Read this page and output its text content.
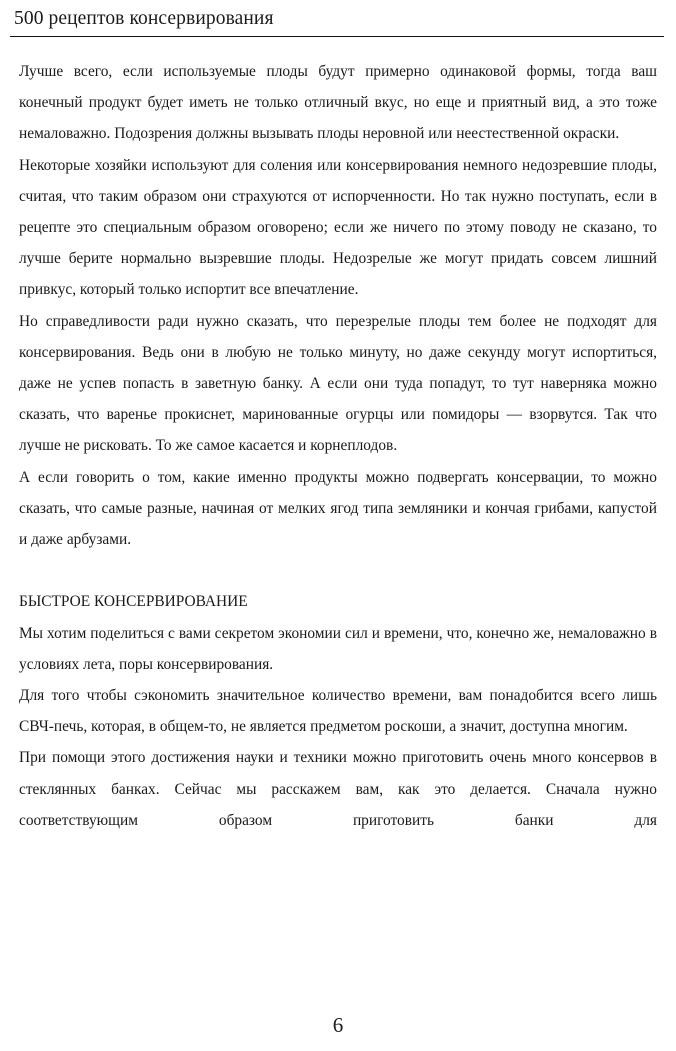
500 рецептов консервирования

Лучше всего, если используемые плоды будут примерно одинаковой формы, тогда ваш конечный продукт будет иметь не только отличный вкус, но еще и приятный вид, а это тоже немаловажно. Подозрения должны вызывать плоды неровной или неестественной окраски.

Некоторые хозяйки используют для соления или консервирования немного недозревшие плоды, считая, что таким образом они страхуются от испорченности. Но так нужно поступать, если в рецепте это специальным образом оговорено; если же ничего по этому поводу не сказано, то лучше берите нормально вызревшие плоды. Недозрелые же могут придать совсем лишний привкус, который только испортит все впечатление.

Но справедливости ради нужно сказать, что перезрелые плоды тем более не подходят для консервирования. Ведь они в любую не только минуту, но даже секунду могут испортиться, даже не успев попасть в заветную банку. А если они туда попадут, то тут наверняка можно сказать, что варенье прокиснет, маринованные огурцы или помидоры — взорвутся. Так что лучше не рисковать. То же самое касается и корнеплодов.

А если говорить о том, какие именно продукты можно подвергать консервации, то можно сказать, что самые разные, начиная от мелких ягод типа земляники и кончая грибами, капустой и даже арбузами.

БЫСТРОЕ КОНСЕРВИРОВАНИЕ

Мы хотим поделиться с вами секретом экономии сил и времени, что, конечно же, немаловажно в условиях лета, поры консервирования.

Для того чтобы сэкономить значительное количество времени, вам понадобится всего лишь СВЧ-печь, которая, в общем-то, не является предметом роскоши, а значит, доступна многим.

При помощи этого достижения науки и техники можно приготовить очень много консервов в стеклянных банках. Сейчас мы расскажем вам, как это делается. Сначала нужно соответствующим образом приготовить банки для

6
